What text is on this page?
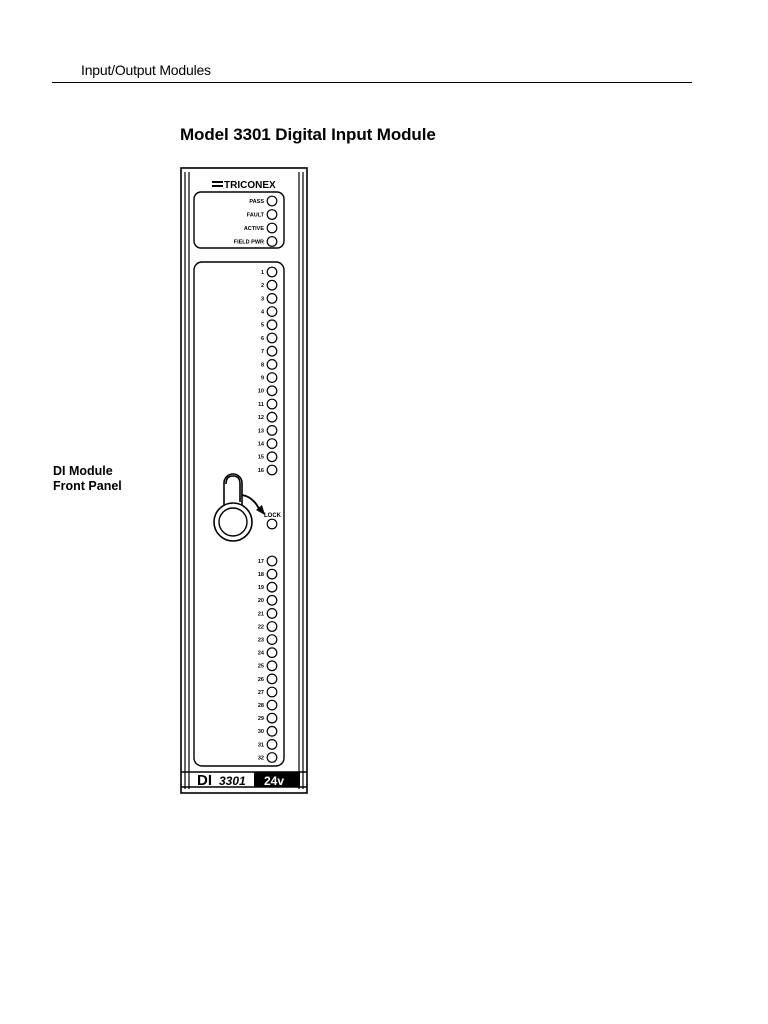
Input/Output Modules
Model 3301 Digital Input Module
DI Module
Front Panel
TRICONEX
PASS
FAULT
ACTIVE
FIELD PWR
1
2
3
4
5
6
7
8
9
10
11
12
13
14
15
16
LOCK
17
18
19
20
21
22
23
24
25
26
27
28
29
30
31
32
DI 3301 24v
